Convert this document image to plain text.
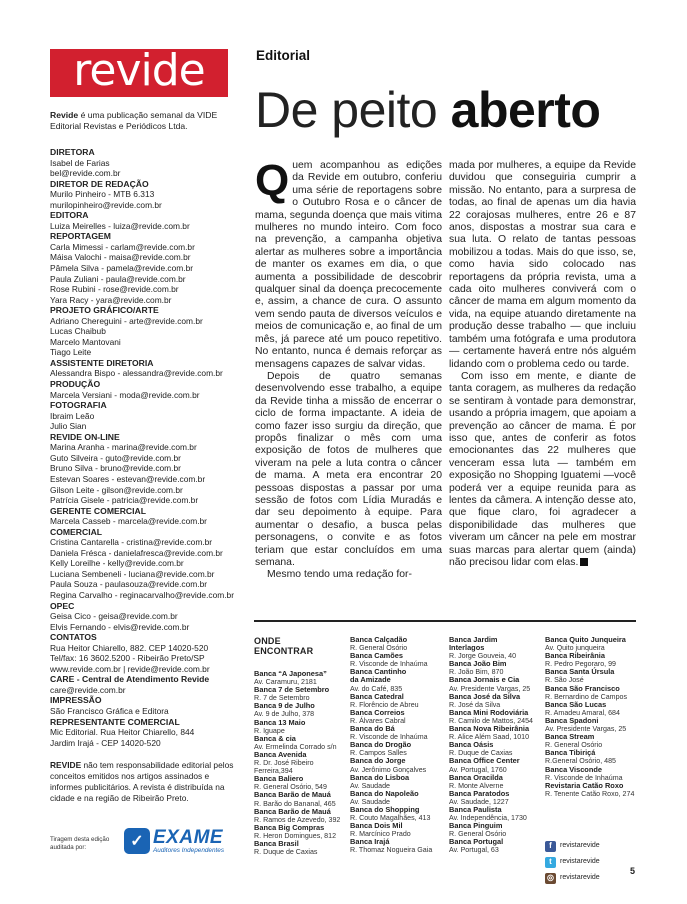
revide
Revide é uma publicação semanal da VIDE Editorial Revistas e Periódicos Ltda.
DIRETORA
Isabel de Farias
bel@revide.com.br
DIRETOR DE REDAÇÃO
Murilo Pinheiro - MTB 6.313
murilopinheiro@revide.com.br
EDITORA
Luiza Meirelles - luiza@revide.com.br
REPORTAGEM
Carla Mimessi - carlam@revide.com.br
Máisa Valochi - maisa@revide.com.br
Pâmela Silva - pamela@revide.com.br
Paula Zuliani - paula@revide.com.br
Rose Rubini - rose@revide.com.br
Yara Racy - yara@revide.com.br
PROJETO GRÁFICO/ARTE
Adriano Chereguini - arte@revide.com.br
Lucas Chaibub
Marcelo Mantovani
Tiago Leite
ASSISTENTE DIRETORIA
Alessandra Bispo - alessandra@revide.com.br
PRODUÇÃO
Marcela Versiani - moda@revide.com.br
FOTOGRAFIA
Ibraim Leão
Julio Sian
REVIDE ON-LINE
Marina Aranha - marina@revide.com.br
Guto Silveira - guto@revide.com.br
Bruno Silva - bruno@revide.com.br
Estevan Soares - estevan@revide.com.br
Gilson Leite - gilson@revide.com.br
Patrícia Gisele - patricia@revide.com.br
GERENTE COMERCIAL
Marcela Casseb - marcela@revide.com.br
COMERCIAL
Cristina Cantarella - cristina@revide.com.br
Daniela Frésca - danielafresca@revide.com.br
Kelly Loreilhe - kelly@revide.com.br
Luciana Sembeneli - luciana@revide.com.br
Paula Souza - paulasouza@revide.com.br
Regina Carvalho - reginacarvalho@revide.com.br
OPEC
Geisa Cico - geisa@revide.com.br
Elvis Fernando - elvis@revide.com.br
CONTATOS
Rua Heitor Chiarello, 882. CEP 14020-520
Tel/fax: 16 3602.5200 - Ribeirão Preto/SP
www.revide.com.br | revide@revide.com.br
CARE - Central de Atendimento Revide
care@revide.com.br
IMPRESSÃO
São Francisco Gráfica e Editora
REPRESENTANTE COMERCIAL
Mic Editorial. Rua Heitor Chiarello, 844
Jardim Irajá - CEP 14020-520
REVIDE não tem responsabilidade editorial pelos conceitos emitidos nos artigos assinados e informes publicitários. A revista é distribuída na cidade e na região de Ribeirão Preto.
Tiragem desta edição auditada por:	✓ EXAME
Auditores Independentes
Editorial
De peito aberto

Quem acompanhou as edições da Revide em outubro, conferiu uma série de reportagens sobre o Outubro Rosa e o câncer de mama, segunda doença que mais vitima mulheres no mundo inteiro. Com foco na prevenção, a campanha objetiva alertar as mulheres sobre a importância de manter os exames em dia, o que aumenta a possibilidade de descobrir qualquer sinal da doença precocemente e, assim, a chance de cura. O assunto vem sendo pauta de diversos veículos e meios de comunicação e, ao final de um mês, já parece até um pouco repetitivo. No entanto, nunca é demais reforçar as mensagens capazes de salvar vidas.

Depois de quatro semanas desenvolvendo esse trabalho, a equipe da Revide tinha a missão de encerrar o ciclo de forma impactante. A ideia de como fazer isso surgiu da direção, que propôs finalizar o mês com uma exposição de fotos de mulheres que viveram na pele a luta contra o câncer de mama. A meta era encontrar 20 pessoas dispostas a passar por uma sessão de fotos com Lídia Muradás e dar seu depoimento à equipe. Para aumentar o desafio, a busca pelas personagens, o convite e as fotos teriam que estar concluídos em uma semana.

Mesmo tendo uma redação for-

mada por mulheres, a equipe da Revide duvidou que conseguiria cumprir a missão. No entanto, para a surpresa de todas, ao final de apenas um dia havia 22 corajosas mulheres, entre 26 e 87 anos, dispostas a mostrar sua cara e sua luta. O relato de tantas pessoas mobilizou a todas. Mais do que isso, se, como havia sido colocado nas reportagens da própria revista, uma a cada oito mulheres conviverá com o câncer de mama em algum momento da vida, na equipe atuando diretamente na produção desse trabalho — que incluiu também uma fotógrafa e uma produtora — certamente haverá entre nós alguém lidando com o problema cedo ou tarde.

Com isso em mente, e diante de tanta coragem, as mulheres da redação se sentiram à vontade para demonstrar, usando a própria imagem, que apoiam a prevenção ao câncer de mama. É por isso que, antes de conferir as fotos emocionantes das 22 mulheres que venceram essa luta — também em exposição no Shopping Iguatemi —você poderá ver a equipe reunida para as lentes da câmera. A intenção desse ato, que fique claro, foi agradecer a disponibilidade das mulheres que viveram um câncer na pele em mostrar suas marcas para alertar quem (ainda) não precisou lidar com elas.

ONDE
ENCONTRAR
Banca “A Japonesa”
Av. Caramuru, 2181
Banca 7 de Setembro
R. 7 de Setembro
Banca 9 de Julho
Av. 9 de Julho, 378
Banca 13 Maio
R. Iguape
Banca & cia
Av. Ermelinda Corrado s/n
Banca Avenida
R. Dr. José Ribeiro
Ferreira,394
Banca Baliero
R. General Osório, 549
Banca Barão de Mauá
R. Barão do Bananal, 465
Banca Barão de Mauá
R. Ramos de Azevedo, 392
Banca Big Compras
R. Heron Domingues, 812
Banca Brasil
R. Duque de Caxias
Banca Calçadão
R. General Osório
Banca Camões
R. Visconde de Inhaúma
Banca Cantinho
da Amizade
Av. do Café, 835
Banca Catedral
R. Florêncio de Abreu
Banca Correios
R. Álvares Cabral
Banca do Bá
R. Visconde de Inhaúma
Banca do Drogão
R. Campos Salles
Banca do Jorge
Av. Jerônimo Gonçalves
Banca do Lisboa
Av. Saudade
Banca do Napoleão
Av. Saudade
Banca do Shopping
R. Couto Magalhães, 413
Banca Dois Mil
R. Marcínico Prado
Banca Irajá
R. Thomaz Nogueira Gaia
Banca Jardim
Interlagos
R. Jorge Gouveia, 40
Banca João Bim
R. João Bim, 870
Banca Jornais e Cia
Av. Presidente Vargas, 25
Banca José da Silva
R. José da Silva
Banca Mini Rodoviária
R. Camilo de Mattos, 2454
Banca Nova Ribeirânia
R. Alice Além Saad, 1010
Banca Oásis
R. Duque de Caxias
Banca Office Center
Av. Portugal, 1760
Banca Oracilda
R. Monte Alverne
Banca Paratodos
Av. Saudade, 1227
Banca Paulista
Av. Independência, 1730
Banca Pinguim
R. General Osório
Banca Portugal
Av. Portugal, 63
Banca Quito Junqueira
Av. Quito junqueira
Banca Ribeirânia
R. Pedro Pegoraro, 99
Banca Santa Úrsula
R. São José
Banca São Francisco
R. Bernardino de Campos
Banca São Lucas
R. Amadeu Amaral, 684
Banca Spadoni
Av. Presidente Vargas, 25
Banca Stream
R. General Osório
Banca Tibiriçá
R.General Osório, 485
Banca Visconde
R. Visconde de Inhaúma
Revistaria Catão Roxo
R. Tenente Catão Roxo, 274
f	revistarevide
t	revistarevide
◎ revistarevide
5
